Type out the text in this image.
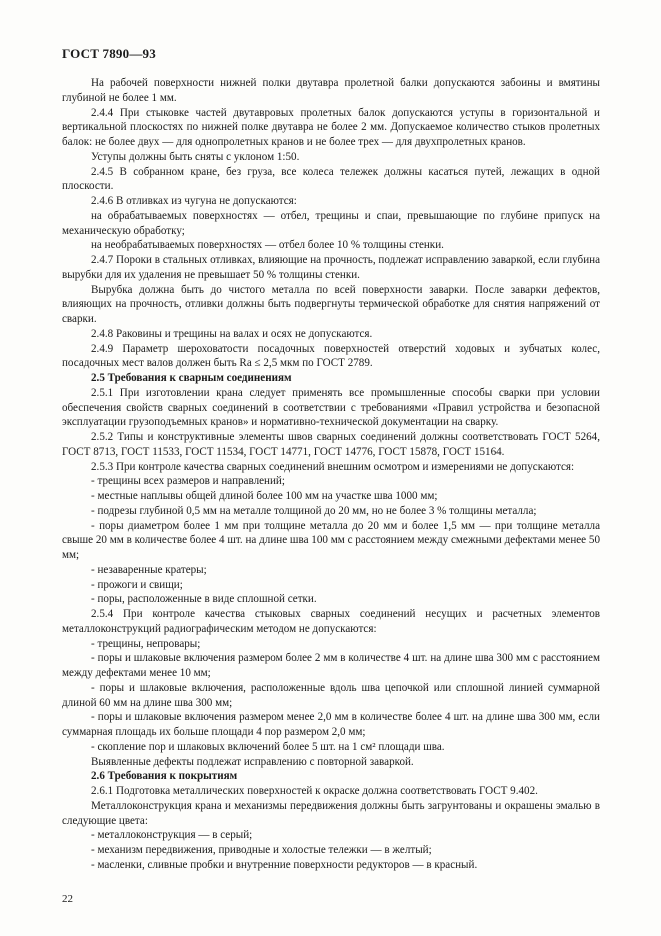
ГОСТ 7890—93

На рабочей поверхности нижней полки двутавра пролетной балки допускаются забоины и вмятины глубиной не более 1 мм.

2.4.4 При стыковке частей двутавровых пролетных балок допускаются уступы в горизонтальной и вертикальной плоскостях по нижней полке двутавра не более 2 мм. Допускаемое количество стыков пролетных балок: не более двух — для однопролетных кранов и не более трех — для двухпролетных кранов.

Уступы должны быть сняты с уклоном 1:50.

2.4.5 В собранном кране, без груза, все колеса тележек должны касаться путей, лежащих в одной плоскости.

2.4.6 В отливках из чугуна не допускаются:

на обрабатываемых поверхностях — отбел, трещины и спаи, превышающие по глубине припуск на механическую обработку;

на необрабатываемых поверхностях — отбел более 10 % толщины стенки.

2.4.7 Пороки в стальных отливках, влияющие на прочность, подлежат исправлению заваркой, если глубина вырубки для их удаления не превышает 50 % толщины стенки.

Вырубка должна быть до чистого металла по всей поверхности заварки. После заварки дефектов, влияющих на прочность, отливки должны быть подвергнуты термической обработке для снятия напряжений от сварки.

2.4.8 Раковины и трещины на валах и осях не допускаются.

2.4.9 Параметр шероховатости посадочных поверхностей отверстий ходовых и зубчатых колес, посадочных мест валов должен быть Ra ≤ 2,5 мкм по ГОСТ 2789.

2.5 Требования к сварным соединениям

2.5.1 При изготовлении крана следует применять все промышленные способы сварки при условии обеспечения свойств сварных соединений в соответствии с требованиями «Правил устройства и безопасной эксплуатации грузоподъемных кранов» и нормативно-технической документации на сварку.

2.5.2 Типы и конструктивные элементы швов сварных соединений должны соответствовать ГОСТ 5264, ГОСТ 8713, ГОСТ 11533, ГОСТ 11534, ГОСТ 14771, ГОСТ 14776, ГОСТ 15878, ГОСТ 15164.

2.5.3 При контроле качества сварных соединений внешним осмотром и измерениями не допускаются:

- трещины всех размеров и направлений;

- местные наплывы общей длиной более 100 мм на участке шва 1000 мм;

- подрезы глубиной 0,5 мм на металле толщиной до 20 мм, но не более 3 % толщины металла;

- поры диаметром более 1 мм при толщине металла до 20 мм и более 1,5 мм — при толщине металла свыше 20 мм в количестве более 4 шт. на длине шва 100 мм с расстоянием между смежными дефектами менее 50 мм;

- незаваренные кратеры;

- прожоги и свищи;

- поры, расположенные в виде сплошной сетки.

2.5.4 При контроле качества стыковых сварных соединений несущих и расчетных элементов металлоконструкций радиографическим методом не допускаются:

- трещины, непровары;

- поры и шлаковые включения размером более 2 мм в количестве 4 шт. на длине шва 300 мм с расстоянием между дефектами менее 10 мм;

- поры и шлаковые включения, расположенные вдоль шва цепочкой или сплошной линией суммарной длиной 60 мм на длине шва 300 мм;

- поры и шлаковые включения размером менее 2,0 мм в количестве более 4 шт. на длине шва 300 мм, если суммарная площадь их больше площади 4 пор размером 2,0 мм;

- скопление пор и шлаковых включений более 5 шт. на 1 см² площади шва.

Выявленные дефекты подлежат исправлению с повторной заваркой.

2.6 Требования к покрытиям

2.6.1 Подготовка металлических поверхностей к окраске должна соответствовать ГОСТ 9.402.

Металлоконструкция крана и механизмы передвижения должны быть загрунтованы и окрашены эмалью в следующие цвета:

- металлоконструкция — в серый;

- механизм передвижения, приводные и холостые тележки — в желтый;

- масленки, сливные пробки и внутренние поверхности редукторов — в красный.

22
